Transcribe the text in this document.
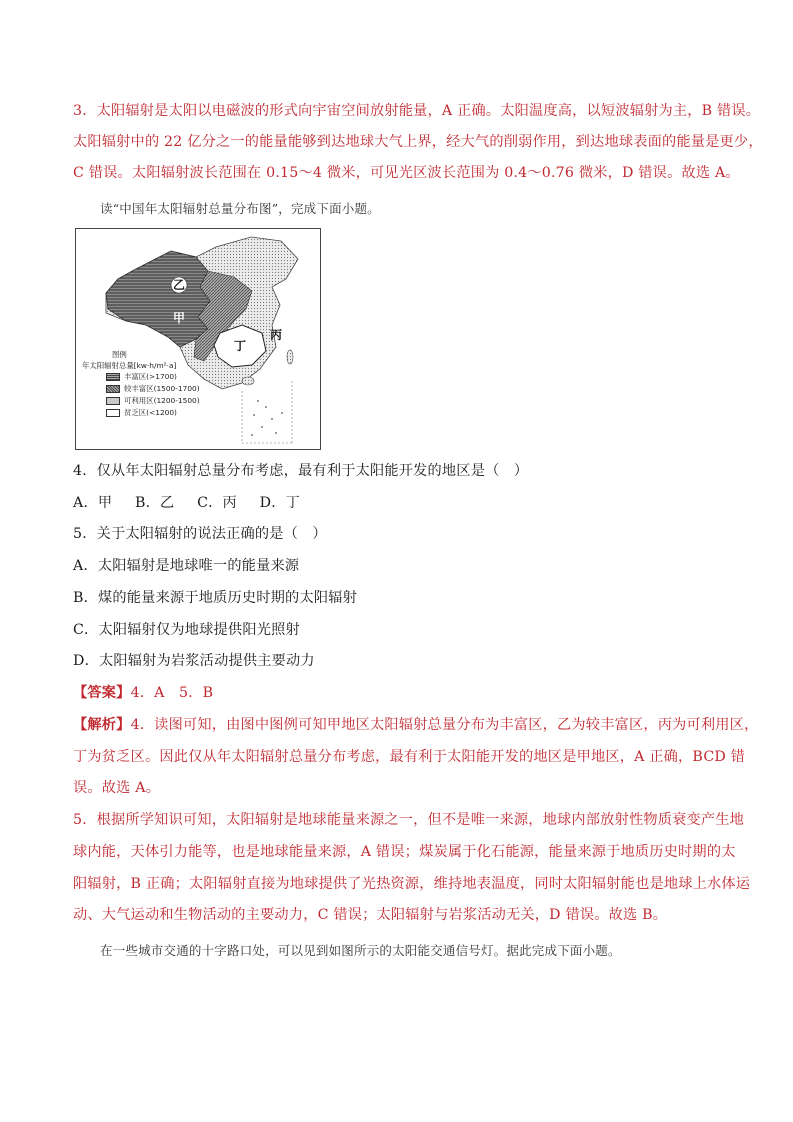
3．太阳辐射是太阳以电磁波的形式向宇宙空间放射能量，A 正确。太阳温度高，以短波辐射为主，B 错误。

太阳辐射中的 22 亿分之一的能量能够到达地球大气上界，经大气的削弱作用，到达地球表面的能量是更少，

C 错误。太阳辐射波长范围在 0.15～4 微米，可见光区波长范围为 0.4～0.76 微米，D 错误。故选 A。

读“中国年太阳辐射总量分布图”，完成下面小题。

乙
甲
丙
丁
图例
年太阳辐射总量[kw·h/m²·a]
丰富区(>1700)
较丰富区(1500-1700)
可利用区(1200-1500)
贫乏区(<1200)

4．仅从年太阳辐射总量分布考虑，最有利于太阳能开发的地区是（　）

A．甲 B．乙 C．丙 D．丁

5．关于太阳辐射的说法正确的是（　）

A．太阳辐射是地球唯一的能量来源

B．煤的能量来源于地质历史时期的太阳辐射

C．太阳辐射仅为地球提供阳光照射

D．太阳辐射为岩浆活动提供主要动力

【答案】4．A　5．B

【解析】4．读图可知，由图中图例可知甲地区太阳辐射总量分布为丰富区，乙为较丰富区，丙为可利用区，

丁为贫乏区。因此仅从年太阳辐射总量分布考虑，最有利于太阳能开发的地区是甲地区，A 正确，BCD 错

误。故选 A。

5．根据所学知识可知，太阳辐射是地球能量来源之一，但不是唯一来源，地球内部放射性物质衰变产生地

球内能，天体引力能等，也是地球能量来源，A 错误；煤炭属于化石能源，能量来源于地质历史时期的太

阳辐射，B 正确；太阳辐射直接为地球提供了光热资源，维持地表温度，同时太阳辐射能也是地球上水体运

动、大气运动和生物活动的主要动力，C 错误；太阳辐射与岩浆活动无关，D 错误。故选 B。

在一些城市交通的十字路口处，可以见到如图所示的太阳能交通信号灯。据此完成下面小题。
